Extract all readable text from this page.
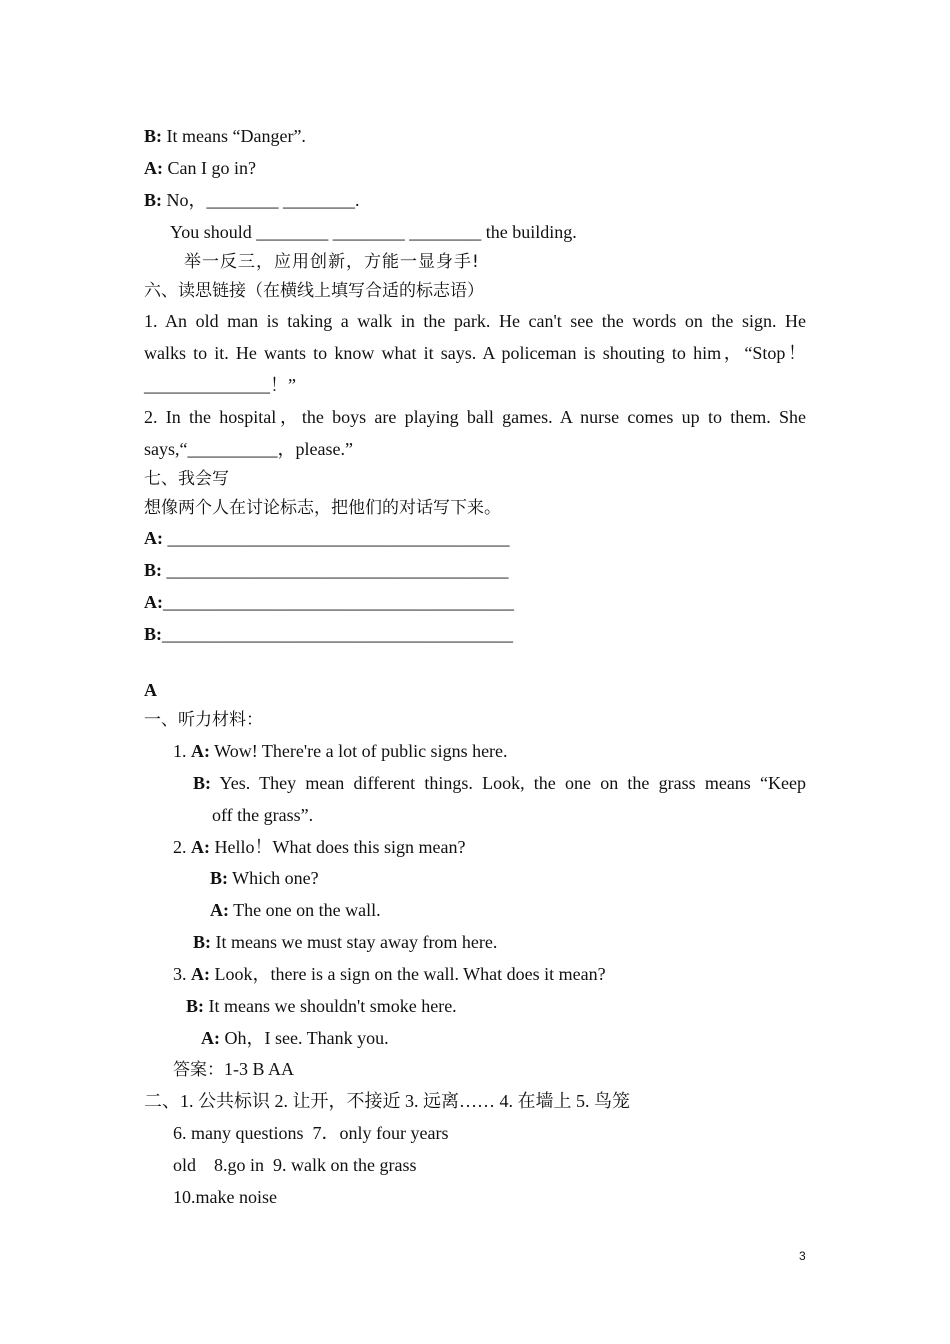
B: It means “Danger”.
A: Can I go in?
B: No，________ ________.
You should ________ ________ ________ the building.
举一反三，应用创新，方能一显身手!
六、读思链接（在横线上填写合适的标志语）
1. An old man is taking a walk in the park. He can't see the words on the sign. He
walks to it. He wants to know what it says. A policeman is shouting to him，“Stop！
______________！”
2. In the hospital，the boys are playing ball games. A nurse comes up to them. She
says,“__________，please.”
七、我会写
想像两个人在讨论标志，把他们的对话写下来。
A: ______________________________________
B: ______________________________________
A:_______________________________________
B:_______________________________________
A
一、听力材料：
1. A: Wow! There're a lot of public signs here.
B: Yes. They mean different things. Look, the one on the grass means “Keep
off the grass”.
2. A: Hello！What does this sign mean?
B: Which one?
A: The one on the wall.
B: It means we must stay away from here.
3. A: Look，there is a sign on the wall. What does it mean?
B: It means we shouldn't smoke here.
A: Oh，I see. Thank you.
答案：1-3 B AA
二、1. 公共标识 2. 让开，不接近 3. 远离…… 4. 在墙上 5. 鸟笼
6. many questions  7．only four years
old    8.go in  9. walk on the grass
10.make noise
3
